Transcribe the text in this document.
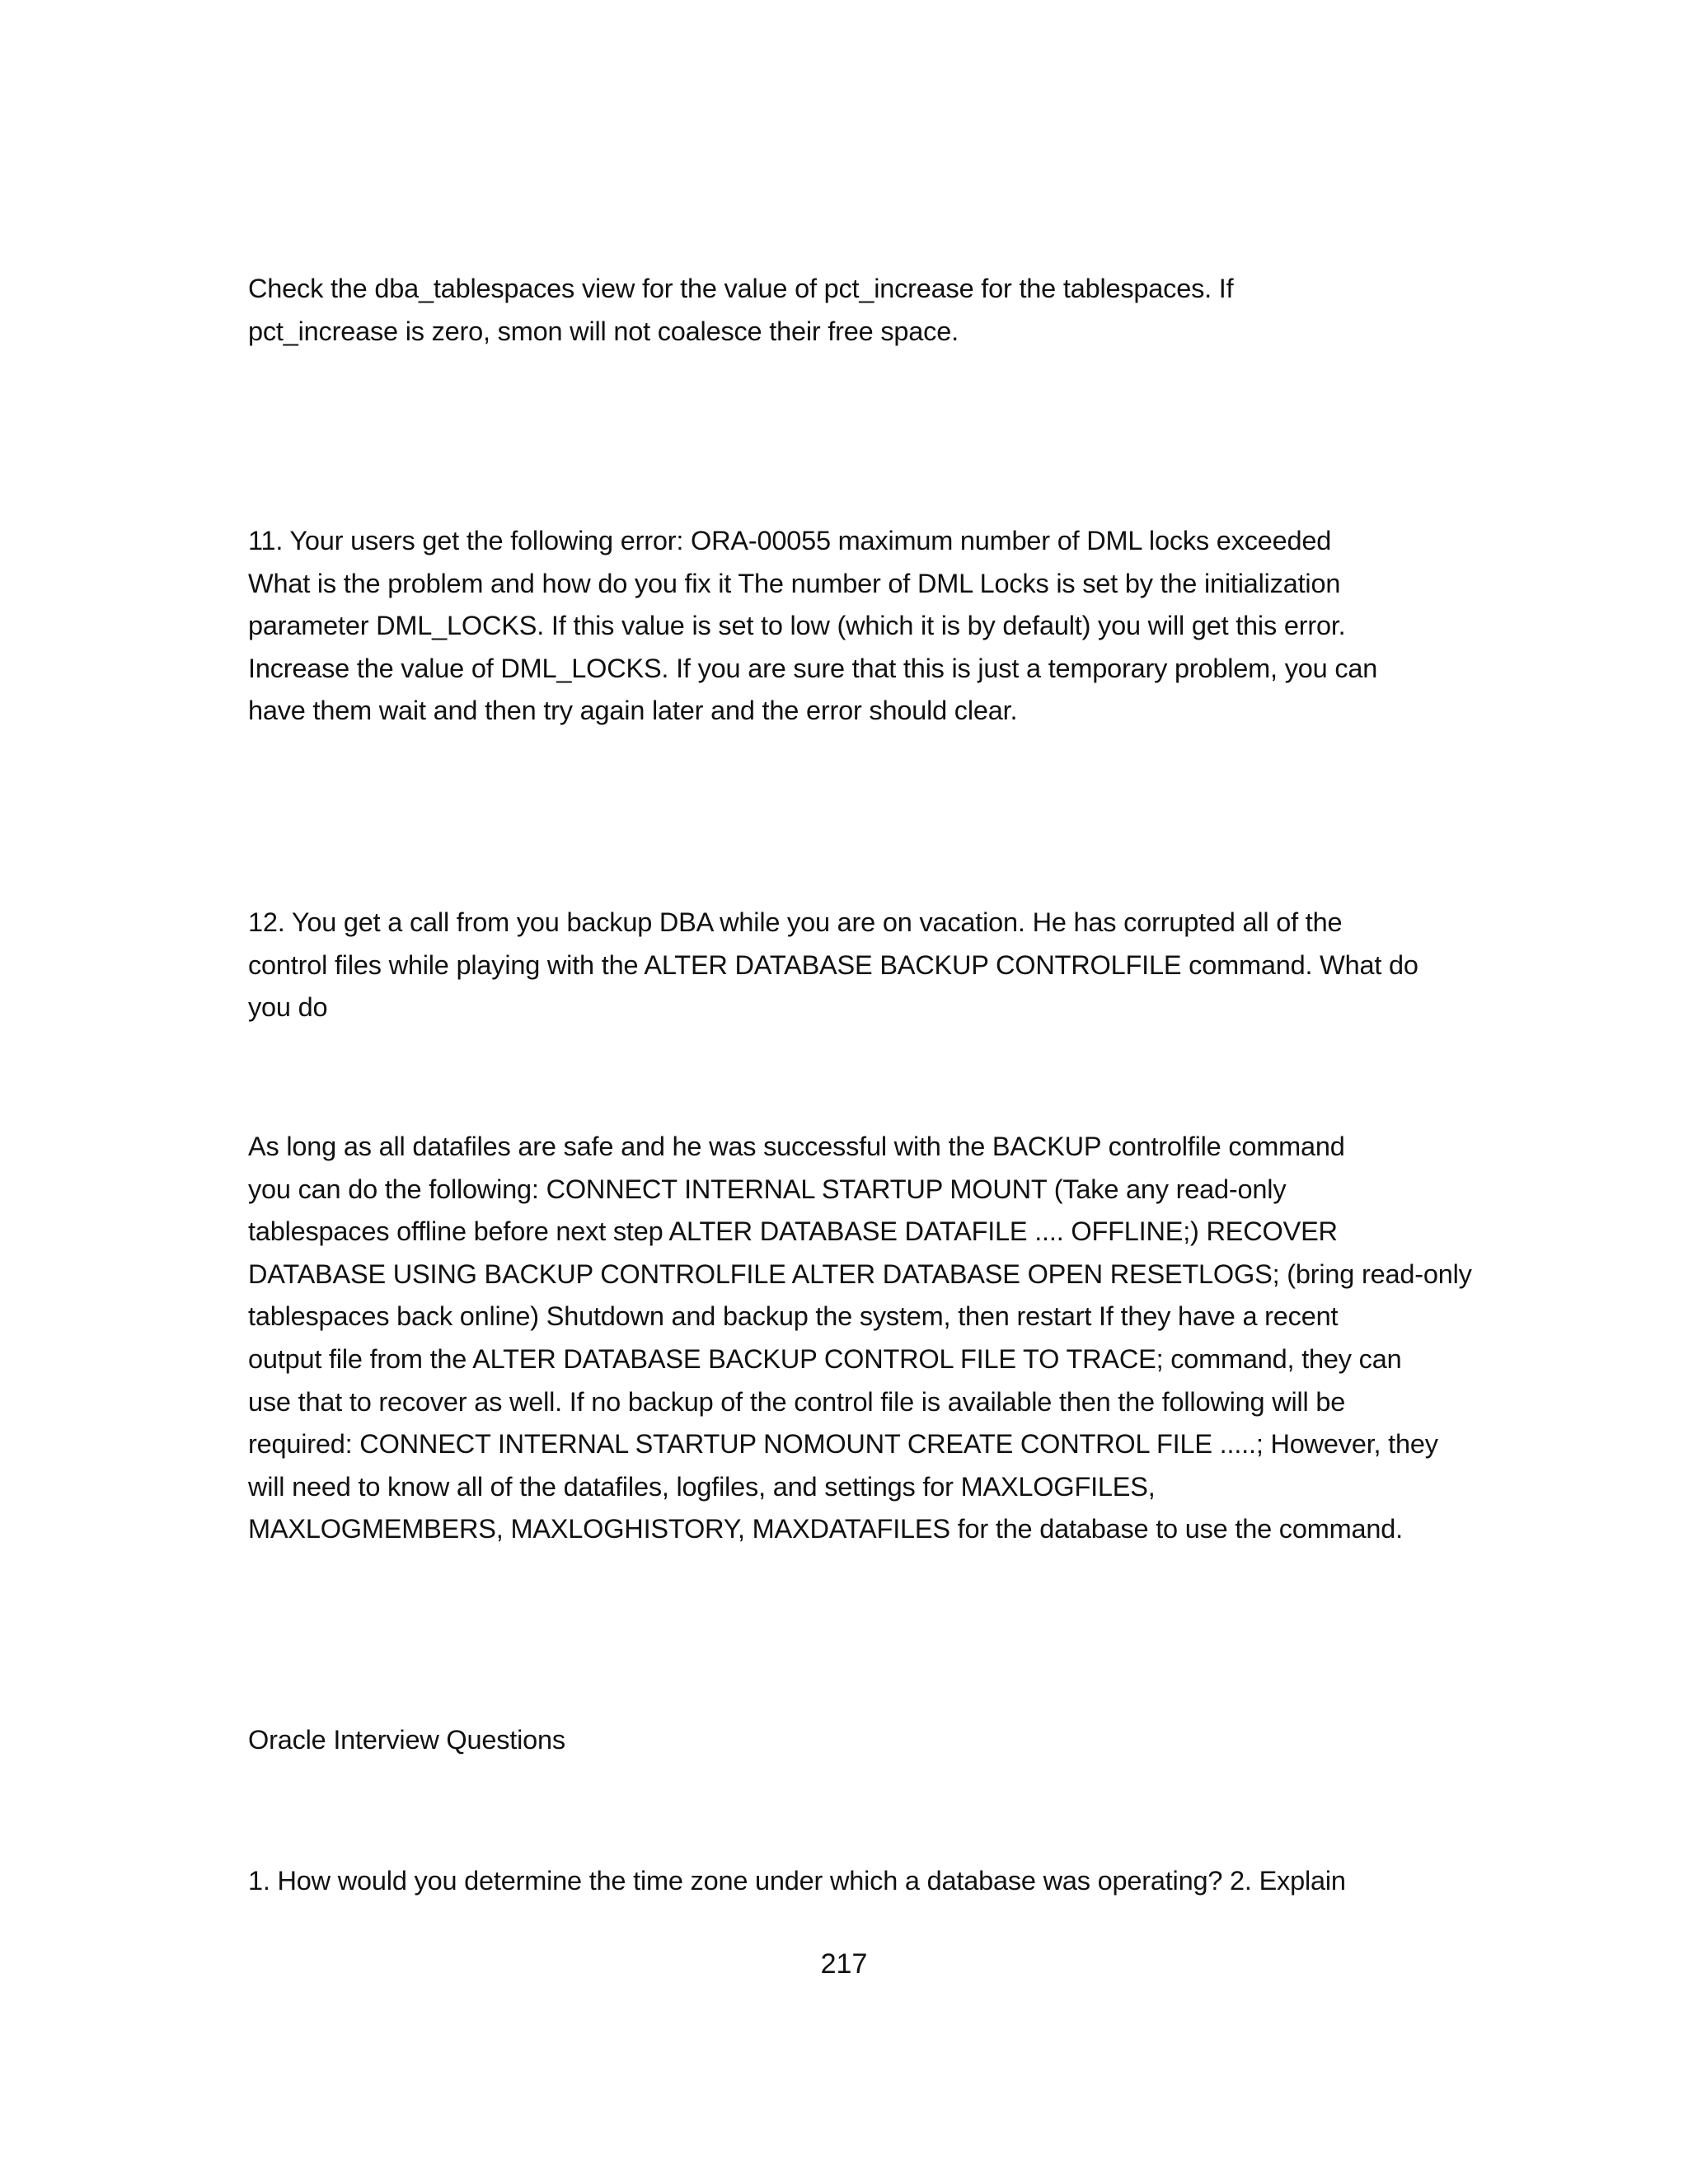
Check the dba_tablespaces view for the value of pct_increase for the tablespaces. If
pct_increase is zero, smon will not coalesce their free space.

11. Your users get the following error: ORA-00055 maximum number of DML locks exceeded
What is the problem and how do you fix it The number of DML Locks is set by the initialization
parameter DML_LOCKS. If this value is set to low (which it is by default) you will get this error.
Increase the value of DML_LOCKS. If you are sure that this is just a temporary problem, you can
have them wait and then try again later and the error should clear.

12. You get a call from you backup DBA while you are on vacation. He has corrupted all of the
control files while playing with the ALTER DATABASE BACKUP CONTROLFILE command. What do
you do

As long as all datafiles are safe and he was successful with the BACKUP controlfile command
you can do the following: CONNECT INTERNAL STARTUP MOUNT (Take any read-only
tablespaces offline before next step ALTER DATABASE DATAFILE .... OFFLINE;) RECOVER
DATABASE USING BACKUP CONTROLFILE ALTER DATABASE OPEN RESETLOGS; (bring read-only
tablespaces back online) Shutdown and backup the system, then restart If they have a recent
output file from the ALTER DATABASE BACKUP CONTROL FILE TO TRACE; command, they can
use that to recover as well. If no backup of the control file is available then the following will be
required: CONNECT INTERNAL STARTUP NOMOUNT CREATE CONTROL FILE .....; However, they
will need to know all of the datafiles, logfiles, and settings for MAXLOGFILES,
MAXLOGMEMBERS, MAXLOGHISTORY, MAXDATAFILES for the database to use the command.

Oracle Interview Questions

1. How would you determine the time zone under which a database was operating? 2. Explain

217
